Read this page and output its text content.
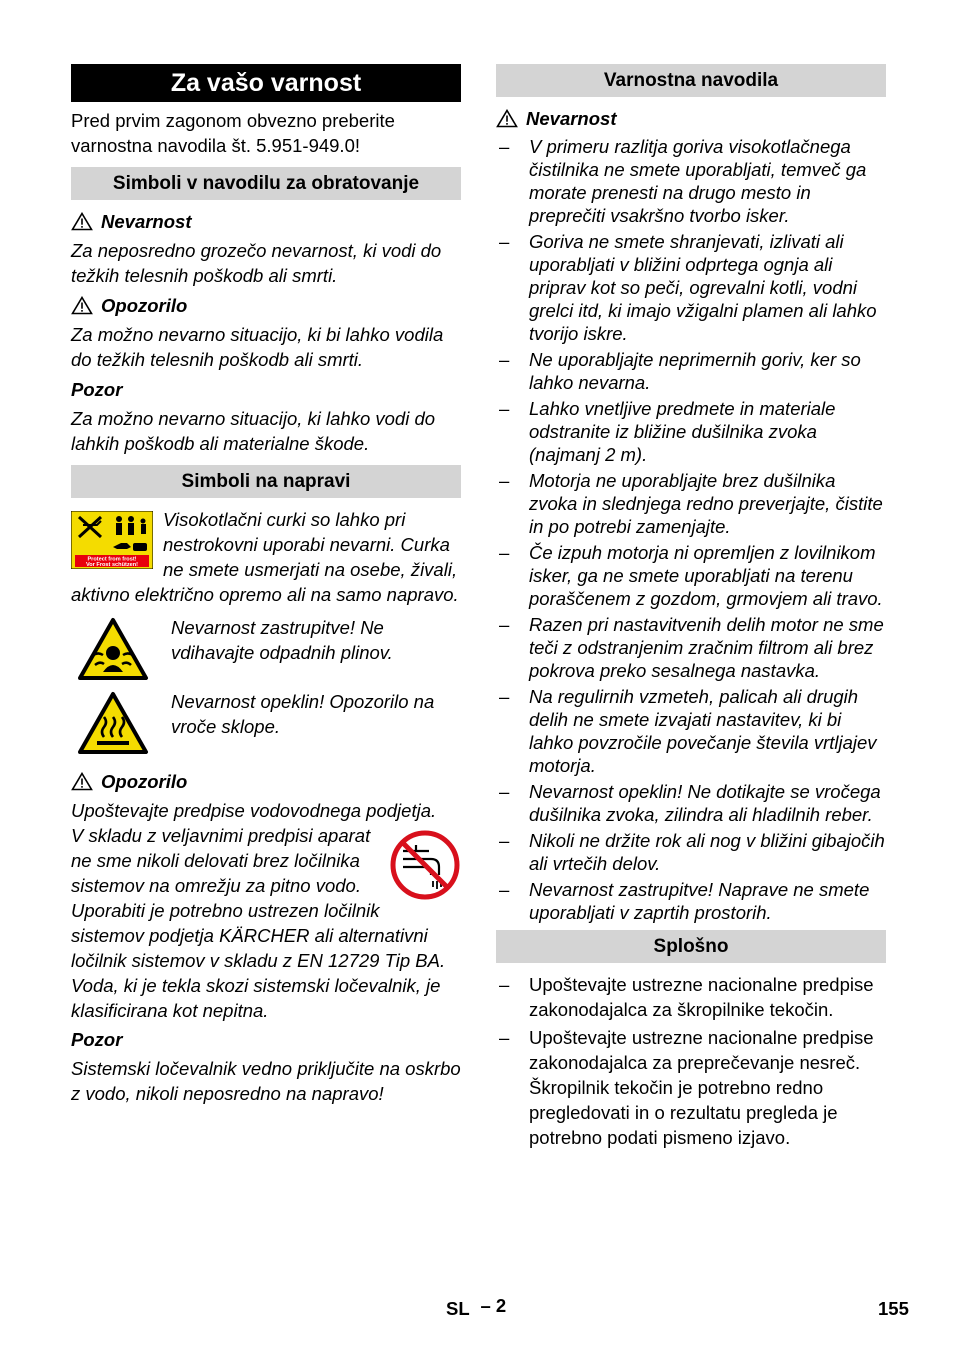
Za vašo varnost

Pred prvim zagonom obvezno preberite varnostna navodila št. 5.951-949.0!

Simboli v navodilu za obratovanje
Nevarnost

Za neposredno grozečo nevarnost, ki vodi do težkih telesnih poškodb ali smrti.

Opozorilo

Za možno nevarno situacijo, ki bi lahko vodila do težkih telesnih poškodb ali smrti.

Pozor

Za možno nevarno situacijo, ki lahko vodi do lahkih poškodb ali materialne škode.

Simboli na napravi
Protect from frost!
Vor Frost schützen!

Visokotlačni curki so lahko pri nestrokovni uporabi nevarni. Curka ne smete usmerjati na osebe, živali, aktivno električno opremo ali na samo napravo.

Nevarnost zastrupitve! Ne vdihavajte odpadnih plinov.

Nevarnost opeklin! Opozorilo na vroče sklope.

Opozorilo

Upoštevajte predpise vodovodnega podjetja.

V skladu z veljavnimi predpisi aparat ne sme nikoli delovati brez ločilnika sistemov na omrežju za pitno vodo. Uporabiti je potrebno ustrezen ločilnik sistemov podjetja KÄRCHER ali alternativni ločilnik sistemov v skladu z EN 12729 Tip BA. Voda, ki je tekla skozi sistemski ločevalnik, je klasificirana kot nepitna.

Pozor

Sistemski ločevalnik vedno priključite na oskrbo z vodo, nikoli neposredno na napravo!

Varnostna navodila
Nevarnost
– V primeru razlitja goriva visokotlačnega čistilnika ne smete uporabljati, temveč ga morate prenesti na drugo mesto in preprečiti vsakršno tvorbo isker.
– Goriva ne smete shranjevati, izlivati ali uporabljati v bližini odprtega ognja ali priprav kot so peči, ogrevalni kotli, vodni grelci itd, ki imajo vžigalni plamen ali lahko tvorijo iskre.
– Ne uporabljajte neprimernih goriv, ker so lahko nevarna.
– Lahko vnetljive predmete in materiale odstranite iz bližine dušilnika zvoka (najmanj 2 m).
– Motorja ne uporabljajte brez dušilnika zvoka in slednjega redno preverjajte, čistite in po potrebi zamenjajte.
– Če izpuh motorja ni opremljen z lovilnikom isker, ga ne smete uporabljati na terenu poraščenem z gozdom, grmovjem ali travo.
– Razen pri nastavitvenih delih motor ne sme teči z odstranjenim zračnim filtrom ali brez pokrova preko sesalnega nastavka.
– Na regulirnih vzmeteh, palicah ali drugih delih ne smete izvajati nastavitev, ki bi lahko povzročile povečanje števila vrtljajev motorja.
– Nevarnost opeklin! Ne dotikajte se vročega dušilnika zvoka, zilindra ali hladilnih reber.
– Nikoli ne držite rok ali nog v bližini gibajočih ali vrtečih delov.
– Nevarnost zastrupitve! Naprave ne smete uporabljati v zaprtih prostorih.
Splošno
– Upoštevajte ustrezne nacionalne predpise zakonodajalca za škropilnike tekočin.
– Upoštevajte ustrezne nacionalne predpise zakonodajalca za preprečevanje nesreč. Škropilnik tekočin je potrebno redno pregledovati in o rezultatu pregleda je potrebno podati pismeno izjavo.
SL – 2	155
